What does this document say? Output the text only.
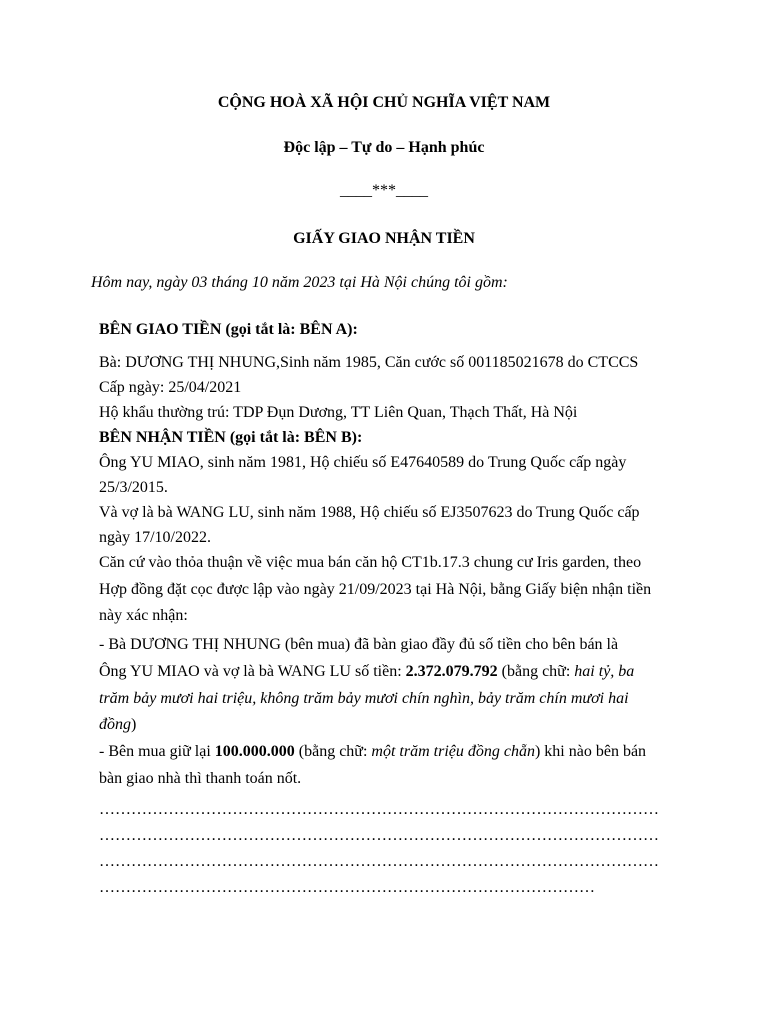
CỘNG HOÀ XÃ HỘI CHỦ NGHĨA VIỆT NAM
Độc lập – Tự do – Hạnh phúc
____***____
GIẤY GIAO NHẬN TIỀN
Hôm nay, ngày 03 tháng 10 năm 2023 tại Hà Nội chúng tôi gồm:
BÊN GIAO TIỀN (gọi tắt là: BÊN A):
Bà: DƯƠNG THỊ NHUNG,Sinh năm 1985, Căn cước số 001185021678 do CTCCS
Cấp ngày: 25/04/2021
Hộ khẩu thường trú: TDP Đụn Dương, TT Liên Quan, Thạch Thất, Hà Nội
BÊN NHẬN TIỀN (gọi tắt là: BÊN B):
Ông YU MIAO, sinh năm 1981, Hộ chiếu số E47640589 do Trung Quốc cấp ngày
25/3/2015.
Và vợ là bà WANG LU, sinh năm 1988, Hộ chiếu số EJ3507623 do Trung Quốc cấp
ngày 17/10/2022.
Căn cứ vào thỏa thuận về việc mua bán căn hộ CT1b.17.3 chung cư Iris garden, theo
Hợp đồng đặt cọc được lập vào ngày 21/09/2023 tại Hà Nội, bằng Giấy biện nhận tiền
này xác nhận:
- Bà DƯƠNG THỊ NHUNG (bên mua) đã bàn giao đầy đủ số tiền cho bên bán là
Ông YU MIAO và vợ là bà WANG LU số tiền: 2.372.079.792 (bằng chữ: hai tỷ, ba
trăm bảy mươi hai triệu, không trăm bảy mươi chín nghìn, bảy trăm chín mươi hai
đồng)
- Bên mua giữ lại 100.000.000 (bằng chữ: một trăm triệu đồng chẵn) khi nào bên bán
bàn giao nhà thì thanh toán nốt.
……………………………………………………………………………………………
……………………………………………………………………………………………
……………………………………………………………………………………………
…………………………………………………………………………………
